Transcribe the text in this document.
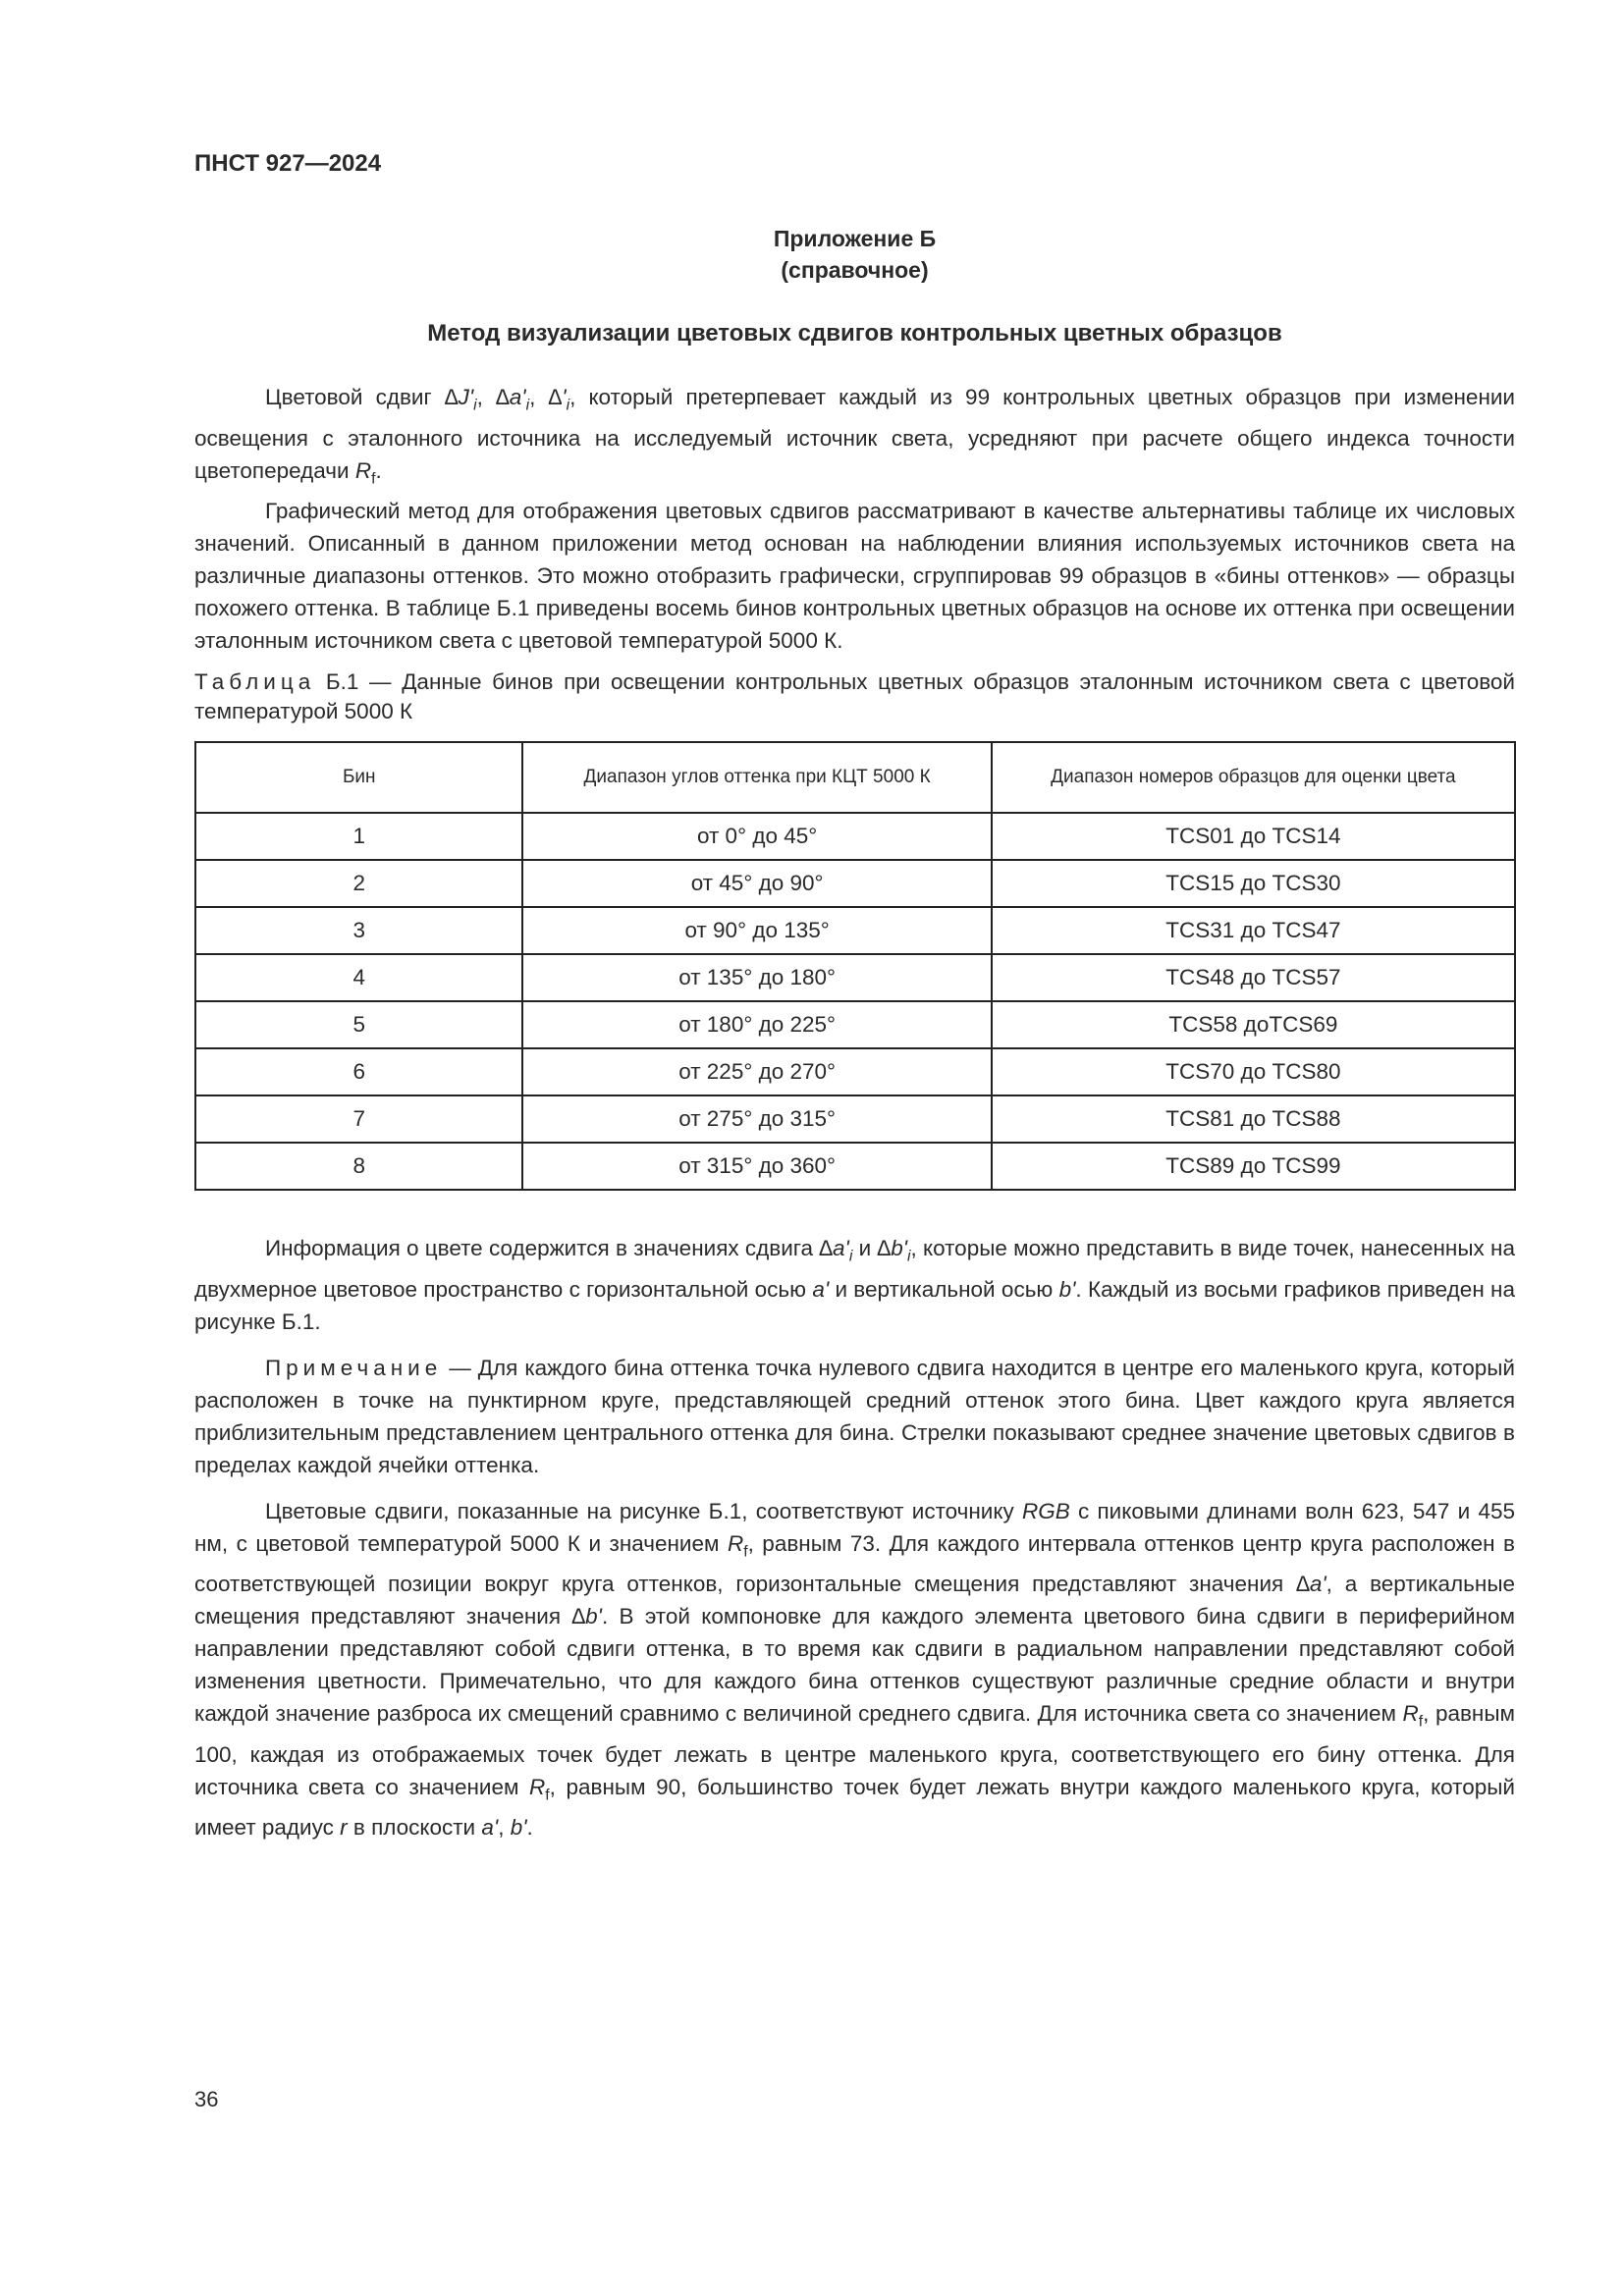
ПНСТ 927—2024
Приложение Б
(справочное)
Метод визуализации цветовых сдвигов контрольных цветных образцов

Цветовой сдвиг $\Delta J'_i$, $\Delta a'_i$, $\Delta'_i$, который претерпевает каждый из 99 контрольных цветных образцов при изменении освещения с эталонного источника на исследуемый источник света, усредняют при расчете общего индекса точности цветопередачи $R_f$.

Графический метод для отображения цветовых сдвигов рассматривают в качестве альтернативы таблице их числовых значений. Описанный в данном приложении метод основан на наблюдении влияния используемых источников света на различные диапазоны оттенков. Это можно отобразить графически, сгруппировав 99 образцов в «бины оттенков» — образцы похожего оттенка. В таблице Б.1 приведены восемь бинов контрольных цветных образцов на основе их оттенка при освещении эталонным источником света с цветовой температурой 5000 К.

Таблица Б.1 — Данные бинов при освещении контрольных цветных образцов эталонным источником света с цветовой температурой 5000 К
Бин	Диапазон углов оттенка при КЦТ 5000 К	Диапазон номеров образцов для оценки цвета
1	от 0° до 45°	TCS01 до TCS14
2	от 45° до 90°	TCS15 до TCS30
3	от 90° до 135°	TCS31 до TCS47
4	от 135° до 180°	TCS48 до TCS57
5	от 180° до 225°	TCS58 доTCS69
6	от 225° до 270°	TCS70 до TCS80
7	от 275° до 315°	TCS81 до TCS88
8	от 315° до 360°	TCS89 до TCS99

Информация о цвете содержится в значениях сдвига $\Delta a'_i$ и $\Delta b'_i$, которые можно представить в виде точек, нанесенных на двухмерное цветовое пространство с горизонтальной осью a' и вертикальной осью b'. Каждый из восьми графиков приведен на рисунке Б.1.

Примечание — Для каждого бина оттенка точка нулевого сдвига находится в центре его маленького круга, который расположен в точке на пунктирном круге, представляющей средний оттенок этого бина. Цвет каждого круга является приблизительным представлением центрального оттенка для бина. Стрелки показывают среднее значение цветовых сдвигов в пределах каждой ячейки оттенка.

Цветовые сдвиги, показанные на рисунке Б.1, соответствуют источнику RGB с пиковыми длинами волн 623, 547 и 455 нм, с цветовой температурой 5000 К и значением $R_f$, равным 73. Для каждого интервала оттенков центр круга расположен в соответствующей позиции вокруг круга оттенков, горизонтальные смещения представляют значения ∆a', а вертикальные смещения представляют значения ∆b'. В этой компоновке для каждого элемента цветового бина сдвиги в периферийном направлении представляют собой сдвиги оттенка, в то время как сдвиги в радиальном направлении представляют собой изменения цветности. Примечательно, что для каждого бина оттенков существуют различные средние области и внутри каждой значение разброса их смещений сравнимо с величиной среднего сдвига. Для источника света со значением $R_f$, равным 100, каждая из отображаемых точек будет лежать в центре маленького круга, соответствующего его бину оттенка. Для источника света со значением $R_f$, равным 90, большинство точек будет лежать внутри каждого маленького круга, который имеет радиус r в плоскости a', b'.

36
